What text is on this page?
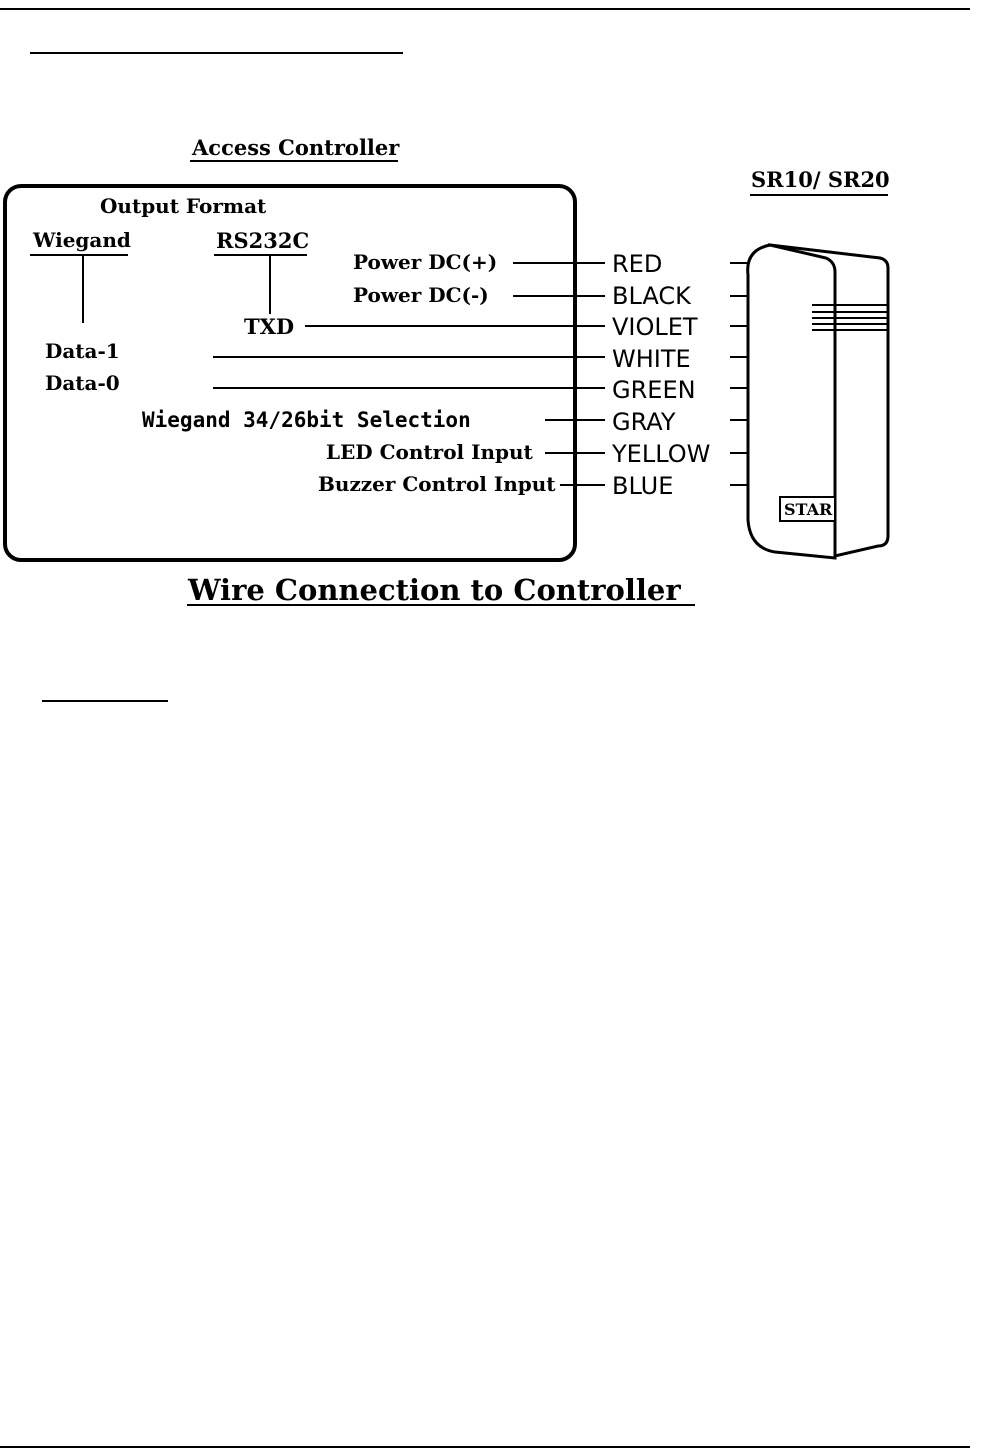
Access Controller
Output Format
Wiegand	RS232C
TXD
Data-1
Data-0
Power DC(+)
Power DC(-)
Wiegand 34/26bit Selection
LED Control Input
Buzzer Control Input
RED
BLACK
VIOLET
WHITE
GREEN
GRAY
YELLOW
BLUE
SR10/ SR20
STAR
Wire Connection to Controller
